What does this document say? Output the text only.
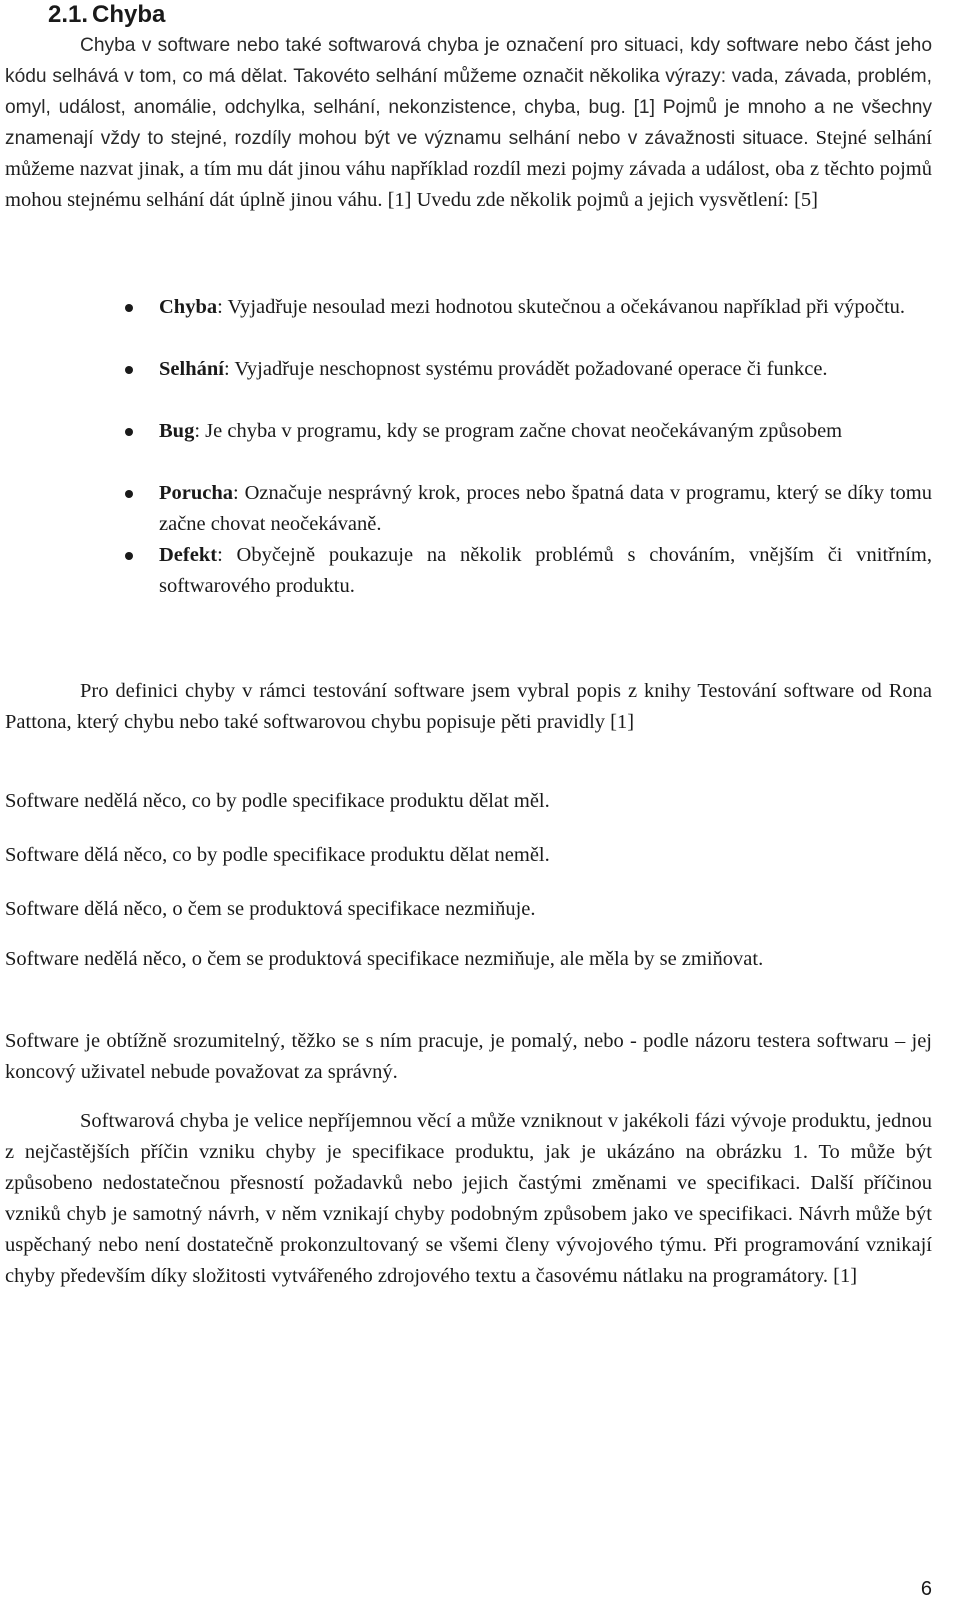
2.1. Chyba

Chyba v software nebo také softwarová chyba je označení pro situaci, kdy software nebo část jeho kódu selhává v tom, co má dělat. Takovéto selhání můžeme označit několika výrazy: vada, závada, problém, omyl, událost, anomálie, odchylka, selhání, nekonzistence, chyba, bug. [1] Pojmů je mnoho a ne všechny znamenají vždy to stejné, rozdíly mohou být ve významu selhání nebo v závažnosti situace. Stejné selhání můžeme nazvat jinak, a tím mu dát jinou váhu například rozdíl mezi pojmy závada a událost, oba z těchto pojmů mohou stejnému selhání dát úplně jinou váhu. [1] Uvedu zde několik pojmů a jejich vysvětlení: [5]

Chyba: Vyjadřuje nesoulad mezi hodnotou skutečnou a očekávanou například při výpočtu.
Selhání: Vyjadřuje neschopnost systému provádět požadované operace či funkce.
Bug: Je chyba v programu, kdy se program začne chovat neočekávaným způsobem
Porucha: Označuje nesprávný krok, proces nebo špatná data v programu, který se díky tomu začne chovat neočekávaně.
Defekt: Obyčejně poukazuje na několik problémů s chováním, vnějším či vnitřním, softwarového produktu.

Pro definici chyby v rámci testování software jsem vybral popis z knihy Testování software od Rona Pattona, který chybu nebo také softwarovou chybu popisuje pěti pravidly [1]

Software nedělá něco, co by podle specifikace produktu dělat měl.

Software dělá něco, co by podle specifikace produktu dělat neměl.

Software dělá něco, o čem se produktová specifikace nezmiňuje.

Software nedělá něco, o čem se produktová specifikace nezmiňuje, ale měla by se zmiňovat.

Software je obtížně srozumitelný, těžko se s ním pracuje, je pomalý, nebo - podle názoru testera softwaru – jej koncový uživatel nebude považovat za správný.

Softwarová chyba je velice nepříjemnou věcí a může vzniknout v jakékoli fázi vývoje produktu, jednou z nejčastějších příčin vzniku chyby je specifikace produktu, jak je ukázáno na obrázku 1. To může být způsobeno nedostatečnou přesností požadavků nebo jejich častými změnami ve specifikaci. Další příčinou vzniků chyb je samotný návrh, v něm vznikají chyby podobným způsobem jako ve specifikaci. Návrh může být uspěchaný nebo není dostatečně prokonzultovaný se všemi členy vývojového týmu. Při programování vznikají chyby především díky složitosti vytvářeného zdrojového textu a časovému nátlaku na programátory. [1]

6
